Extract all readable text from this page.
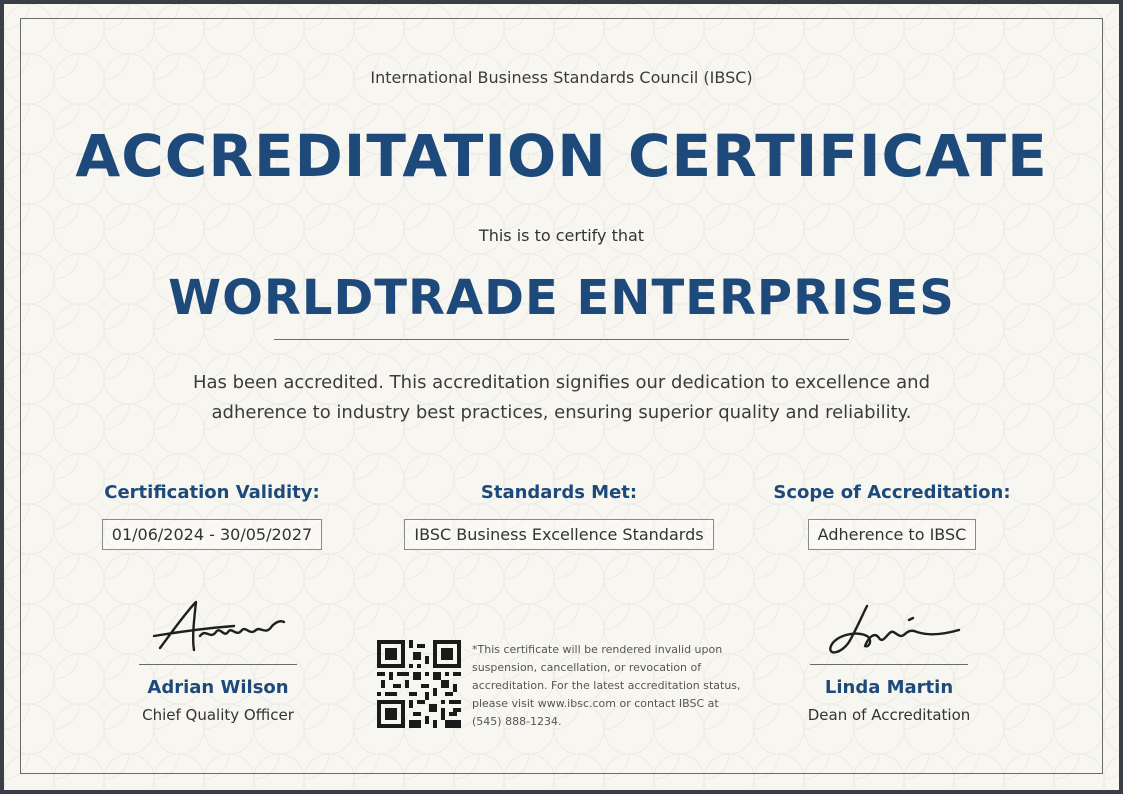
International Business Standards Council (IBSC)
ACCREDITATION CERTIFICATE
This is to certify that
WORLDTRADE ENTERPRISES
Has been accredited. This accreditation signifies our dedication to excellence and adherence to industry best practices, ensuring superior quality and reliability.
Certification Validity:
01/06/2024 - 30/05/2027
Standards Met:
IBSC Business Excellence Standards
Scope of Accreditation:
Adherence to IBSC
Adrian Wilson
Chief Quality Officer
Linda Martin
Dean of Accreditation
*This certificate will be rendered invalid upon suspension, cancellation, or revocation of accreditation. For the latest accreditation status, please visit www.ibsc.com or contact IBSC at (545) 888-1234.
